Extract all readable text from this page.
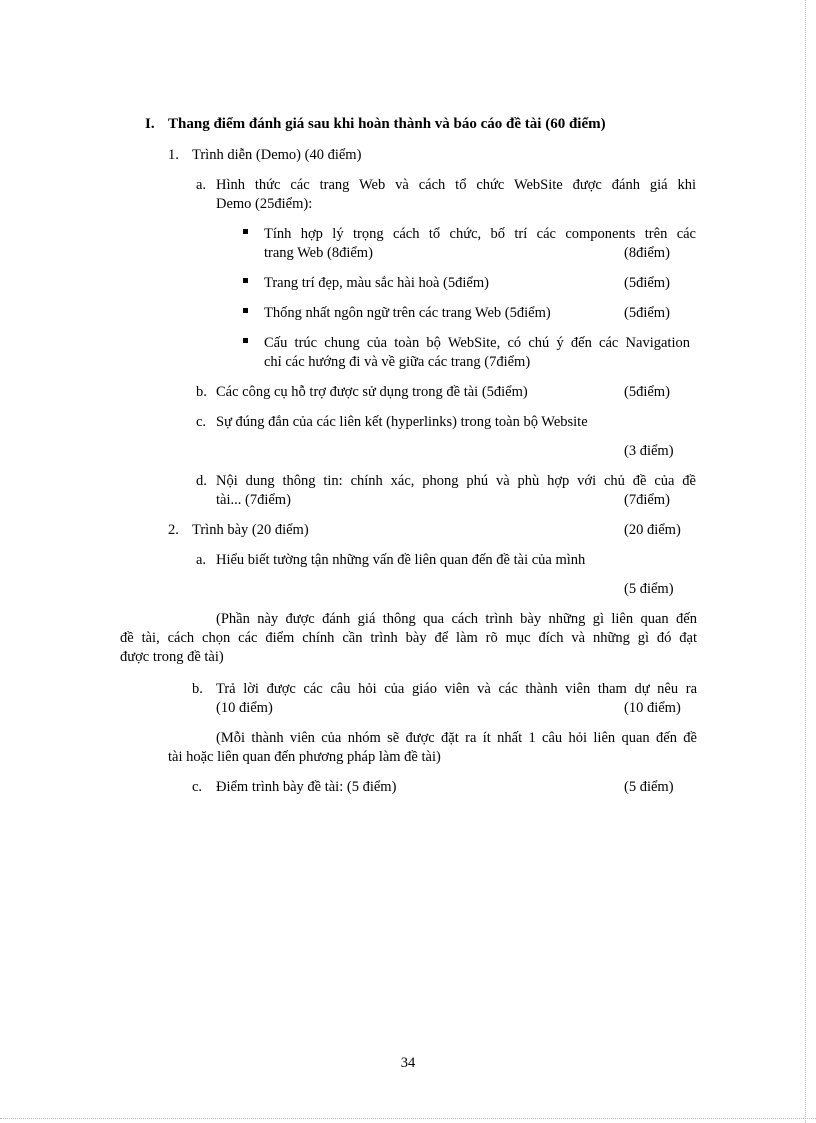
I. Thang điểm đánh giá sau khi hoàn thành và báo cáo đề tài (60 điểm)
1. Trình diễn (Demo) (40 điểm)
a. Hình thức các trang Web và cách tổ chức WebSite được đánh giá khi
Demo (25điểm):
Tính hợp lý trọng cách tổ chức, bố trí các components trên các
trang Web (8điểm)	(8điểm)
Trang trí đẹp, màu sắc hài hoà (5điểm)	(5điểm)
Thống nhất ngôn ngữ trên các trang Web (5điểm)	(5điểm)
Cấu trúc chung của toàn bộ WebSite, có chú ý đến các Navigation
chỉ các hướng đi và về giữa các trang (7điểm)
b. Các công cụ hỗ trợ được sử dụng trong đề tài (5điểm)	(5điểm)
c. Sự đúng đắn của các liên kết (hyperlinks) trong toàn bộ Website
(3 điểm)
d. Nội dung thông tin: chính xác, phong phú và phù hợp với chủ đề của đề
tài... (7điểm)	(7điểm)
2. Trình bày (20 điểm)	(20 điểm)
a. Hiểu biết tường tận những vấn đề liên quan đến đề tài của mình
(5 điểm)
(Phần này được đánh giá thông qua cách trình bày những gì liên quan đến
đề tài, cách chọn các điểm chính cần trình bày để làm rõ mục đích và những gì đó đạt
được trong đề tài)
b. Trả lời được các câu hỏi của giáo viên và các thành viên tham dự nêu ra
(10 điểm)	(10 điểm)
(Mỗi thành viên của nhóm sẽ được đặt ra ít nhất 1 câu hỏi liên quan đến đề
tài hoặc liên quan đến phương pháp làm đề tài)
c. Điểm trình bày đề tài: (5 điểm)	(5 điểm)
34
